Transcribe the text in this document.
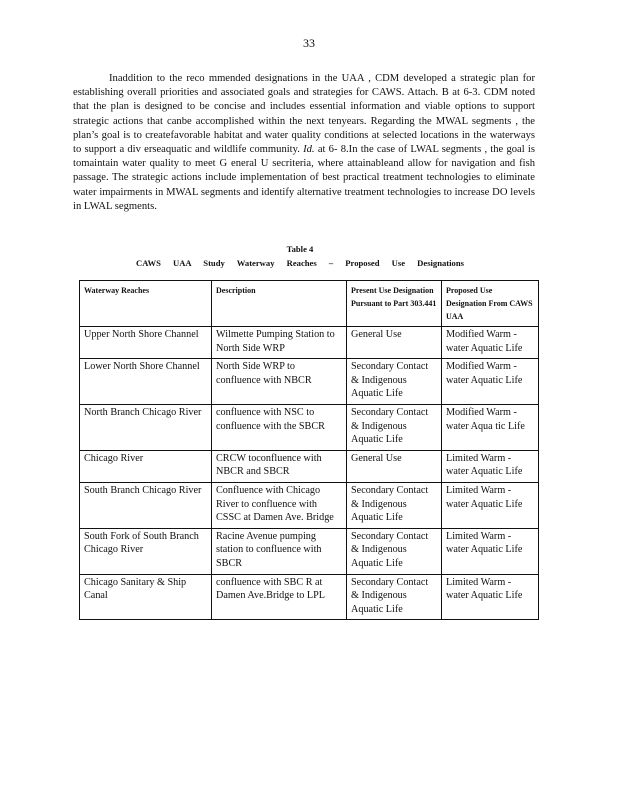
33

Inaddition to the reco mmended designations in the UAA , CDM developed a strategic plan for establishing overall priorities and associated goals and strategies for CAWS. Attach. B at 6-3. CDM noted that the plan is designed to be concise and includes essential information and viable options to support strategic actions that canbe accomplished within the next tenyears. Regarding the MWAL segments , the plan’s goal is to createfavorable habitat and water quality conditions at selected locations in the waterways to support a div erseaquatic and wildlife community. Id. at 6- 8.In the case of LWAL segments , the goal is tomaintain water quality to meet G eneral U secriteria, where attainableand allow for navigation and fish passage. The strategic actions include implementation of best practical treatment technologies to eliminate water impairments in MWAL segments and identify alternative treatment technologies to increase DO levels in LWAL segments.

Table 4
CAWS UAA Study Waterway Reaches – Proposed Use Designations
Waterway Reaches	Description	Present Use Designation Pursuant to Part 303.441	Proposed Use Designation From CAWS UAA
Upper North Shore Channel	Wilmette Pumping Station to North Side WRP	General Use	Modified Warm - water Aquatic Life
Lower North Shore Channel	North Side WRP to confluence with NBCR	Secondary Contact & Indigenous Aquatic Life	Modified Warm - water Aquatic Life
North Branch Chicago River	confluence with NSC to confluence with the SBCR	Secondary Contact & Indigenous Aquatic Life	Modified Warm - water Aqua tic Life
Chicago River	CRCW toconfluence with NBCR and SBCR	General Use	Limited Warm - water Aquatic Life
South Branch Chicago River	Confluence with Chicago River to confluence with CSSC at Damen Ave. Bridge	Secondary Contact & Indigenous Aquatic Life	Limited Warm - water Aquatic Life
South Fork of South Branch Chicago River	Racine Avenue pumping station to confluence with SBCR	Secondary Contact & Indigenous Aquatic Life	Limited Warm - water Aquatic Life
Chicago Sanitary & Ship Canal	confluence with SBC R at Damen Ave.Bridge to LPL	Secondary Contact & Indigenous Aquatic Life	Limited Warm - water Aquatic Life
